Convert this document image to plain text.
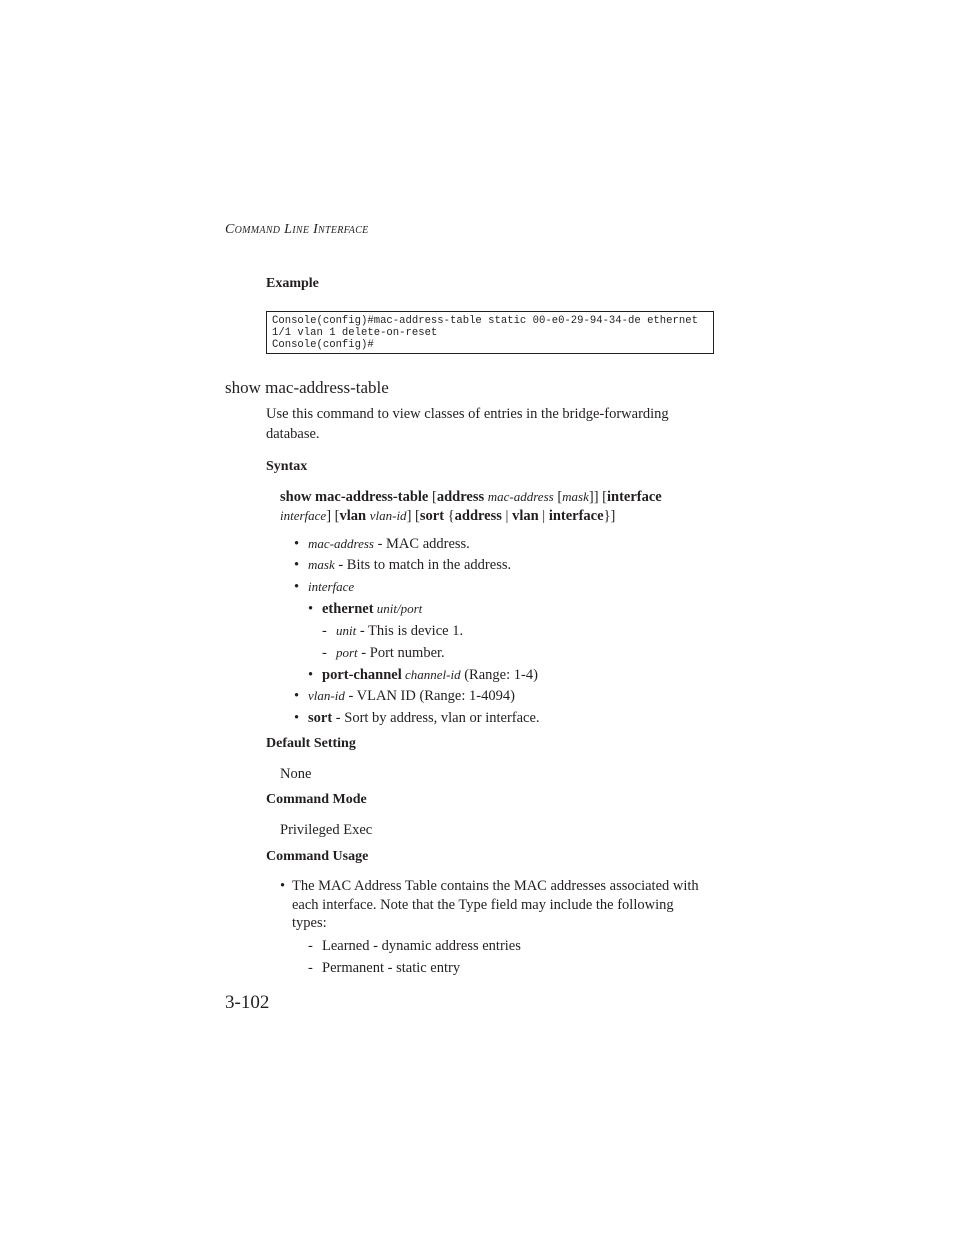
COMMAND LINE INTERFACE
Example
Console(config)#mac-address-table static 00-e0-29-94-34-de ethernet
1/1 vlan 1 delete-on-reset
Console(config)#
show mac-address-table
Use this command to view classes of entries in the bridge-forwarding
database.
Syntax
show mac-address-table [address mac-address [mask]] [interface
interface] [vlan vlan-id] [sort {address | vlan | interface}]
• mac-address - MAC address.
• mask - Bits to match in the address.
• interface
• ethernet unit/port
- unit - This is device 1.
- port - Port number.
• port-channel channel-id (Range: 1-4)
• vlan-id - VLAN ID (Range: 1-4094)
• sort - Sort by address, vlan or interface.
Default Setting
None
Command Mode
Privileged Exec
Command Usage
• The MAC Address Table contains the MAC addresses associated with
each interface. Note that the Type field may include the following
types:
- Learned - dynamic address entries
- Permanent - static entry
3-102
